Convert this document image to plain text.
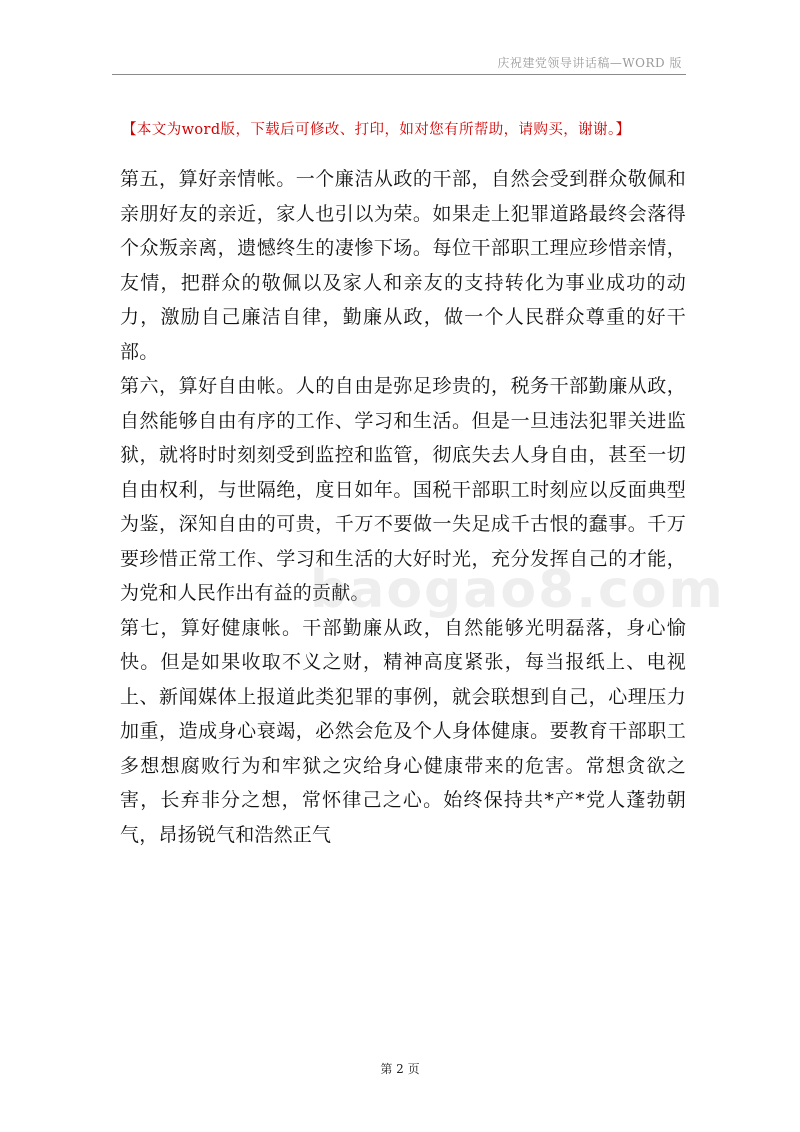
庆祝建党领导讲话稿—WORD 版
【本文为word版，下载后可修改、打印，如对您有所帮助，请购买，谢谢。】

第五，算好亲情帐。一个廉洁从政的干部，自然会受到群众敬佩和亲朋好友的亲近，家人也引以为荣。如果走上犯罪道路最终会落得个众叛亲离，遗憾终生的凄惨下场。每位干部职工理应珍惜亲情，友情，把群众的敬佩以及家人和亲友的支持转化为事业成功的动力，激励自己廉洁自律，勤廉从政，做一个人民群众尊重的好干部。

第六，算好自由帐。人的自由是弥足珍贵的，税务干部勤廉从政，自然能够自由有序的工作、学习和生活。但是一旦违法犯罪关进监狱，就将时时刻刻受到监控和监管，彻底失去人身自由，甚至一切自由权利，与世隔绝，度日如年。国税干部职工时刻应以反面典型为鉴，深知自由的可贵，千万不要做一失足成千古恨的蠢事。千万要珍惜正常工作、学习和生活的大好时光，充分发挥自己的才能，为党和人民作出有益的贡献。

第七，算好健康帐。干部勤廉从政，自然能够光明磊落，身心愉快。但是如果收取不义之财，精神高度紧张，每当报纸上、电视上、新闻媒体上报道此类犯罪的事例，就会联想到自己，心理压力加重，造成身心衰竭，必然会危及个人身体健康。要教育干部职工多想想腐败行为和牢狱之灾给身心健康带来的危害。常想贪欲之害，长弃非分之想，常怀律己之心。始终保持共*产*党人蓬勃朝气，昂扬锐气和浩然正气

baogao8.com
第 2 页
